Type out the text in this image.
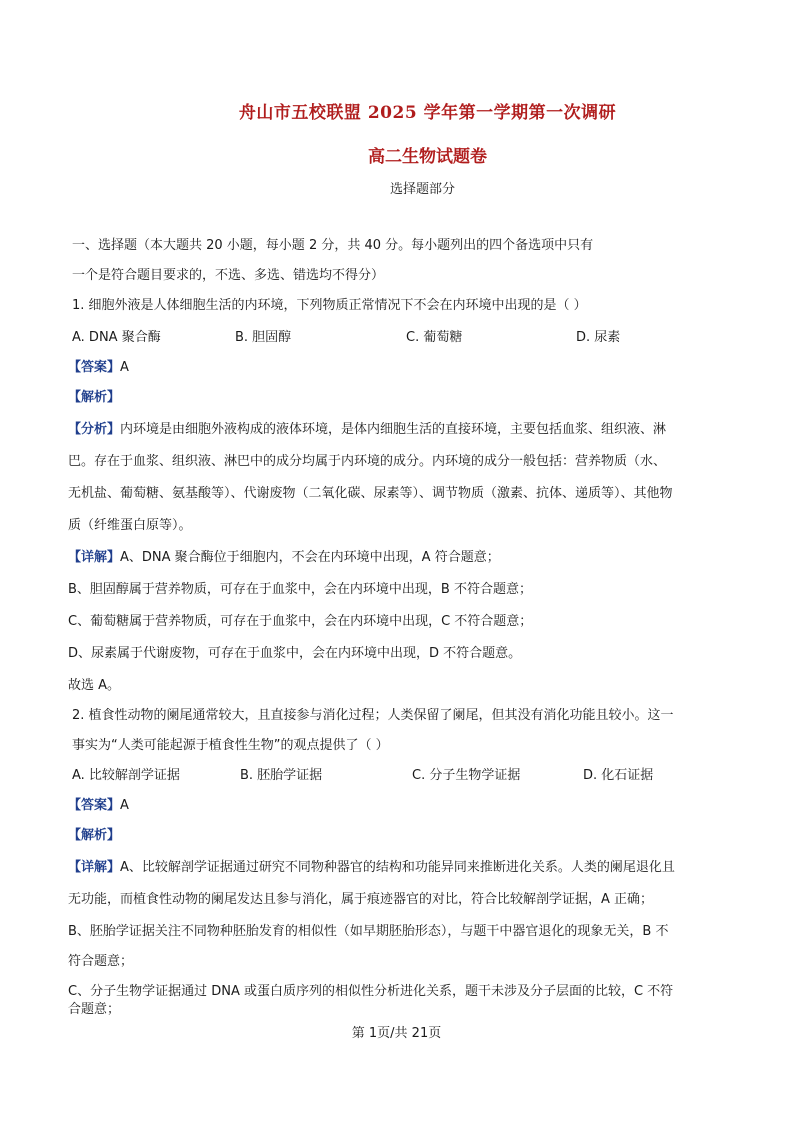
舟山市五校联盟 2025 学年第一学期第一次调研
高二生物试题卷
选择题部分
一、选择题（本大题共 20 小题，每小题 2 分，共 40 分。每小题列出的四个备选项中只有
一个是符合题目要求的，不选、多选、错选均不得分）
1. 细胞外液是人体细胞生活的内环境，下列物质正常情况下不会在内环境中出现的是（ ）
A. DNA 聚合酶	B. 胆固醇	C. 葡萄糖	D. 尿素
【答案】A
【解析】
【分析】内环境是由细胞外液构成的液体环境，是体内细胞生活的直接环境，主要包括血浆、组织液、淋
巴。存在于血浆、组织液、淋巴中的成分均属于内环境的成分。内环境的成分一般包括：营养物质（水、
无机盐、葡萄糖、氨基酸等）、代谢废物（二氧化碳、尿素等）、调节物质（激素、抗体、递质等）、其他物
质（纤维蛋白原等）。
【详解】A、DNA 聚合酶位于细胞内，不会在内环境中出现，A 符合题意；
B、胆固醇属于营养物质，可存在于血浆中，会在内环境中出现，B 不符合题意；
C、葡萄糖属于营养物质，可存在于血浆中，会在内环境中出现，C 不符合题意；
D、尿素属于代谢废物，可存在于血浆中，会在内环境中出现，D 不符合题意。
故选 A。
2. 植食性动物的阑尾通常较大，且直接参与消化过程；人类保留了阑尾，但其没有消化功能且较小。这一
事实为“人类可能起源于植食性生物”的观点提供了（ ）
A. 比较解剖学证据	B. 胚胎学证据	C. 分子生物学证据	D. 化石证据
【答案】A
【解析】
【详解】A、比较解剖学证据通过研究不同物种器官的结构和功能异同来推断进化关系。人类的阑尾退化且
无功能，而植食性动物的阑尾发达且参与消化，属于痕迹器官的对比，符合比较解剖学证据，A 正确；
B、胚胎学证据关注不同物种胚胎发育的相似性（如早期胚胎形态），与题干中器官退化的现象无关，B 不
符合题意；
C、分子生物学证据通过 DNA 或蛋白质序列的相似性分析进化关系，题干未涉及分子层面的比较，C 不符
第 1页/共 21页
合题意；
